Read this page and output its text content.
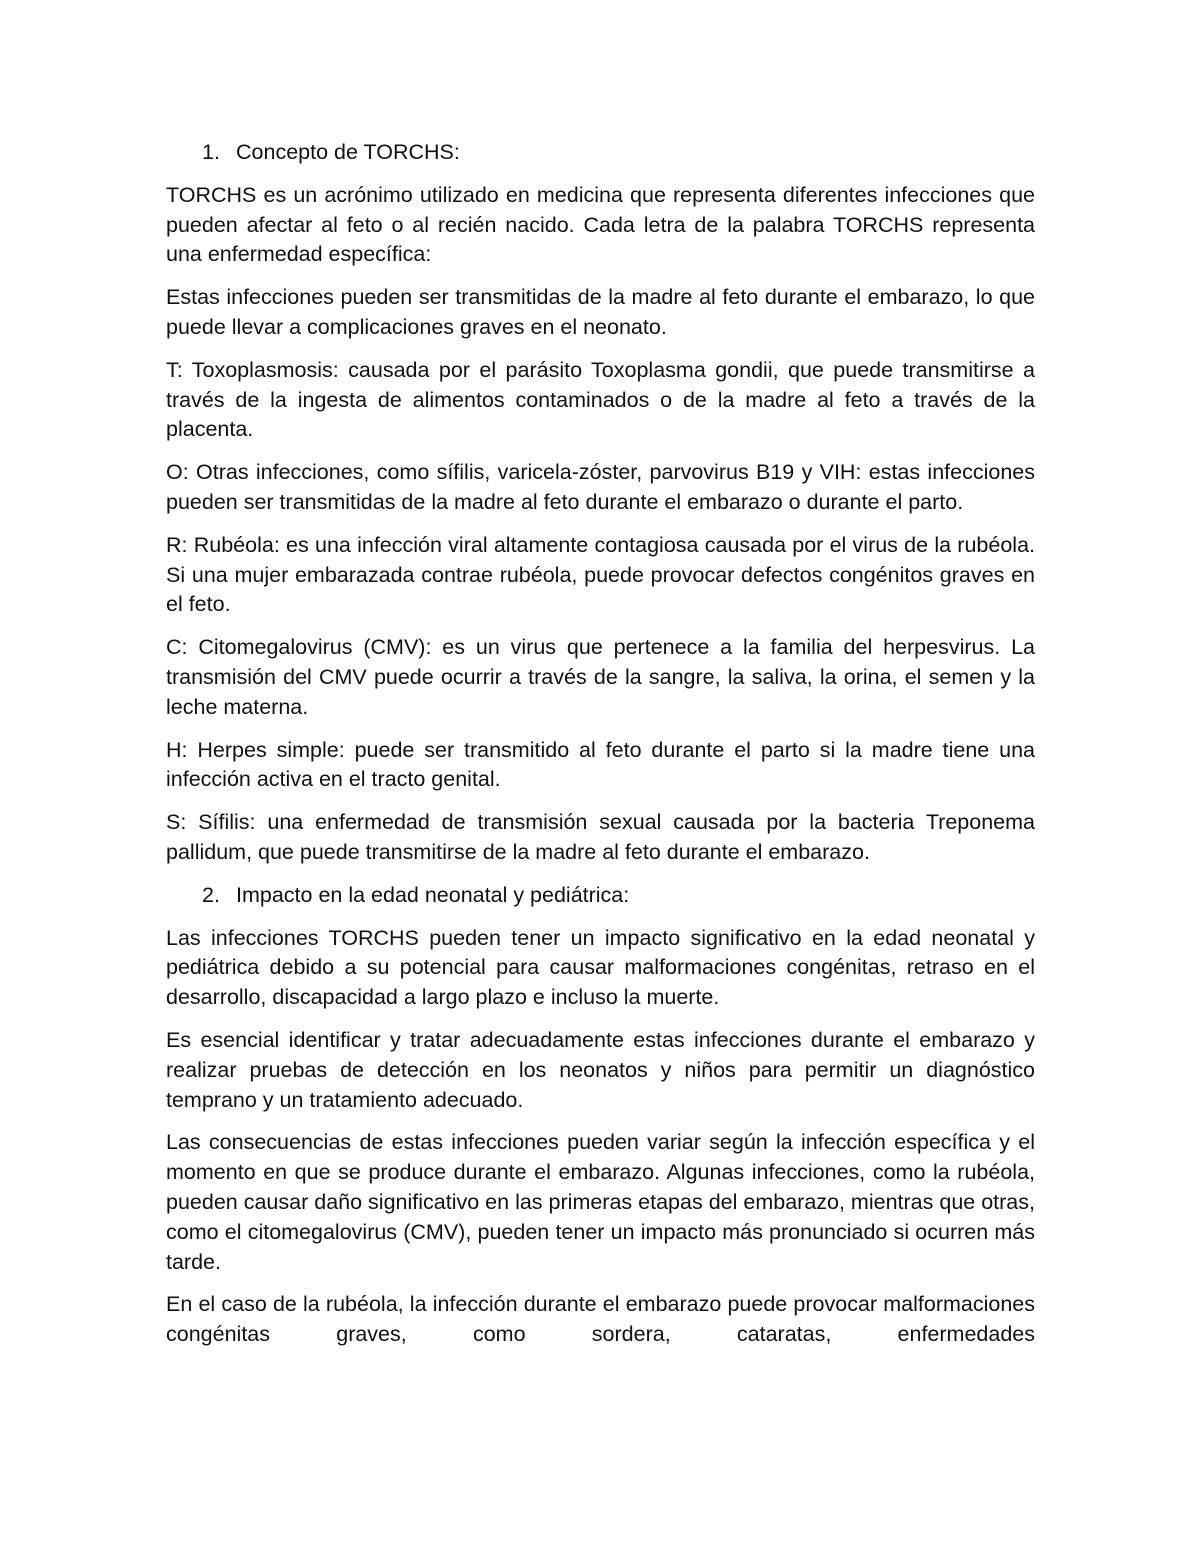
1. Concepto de TORCHS:

TORCHS es un acrónimo utilizado en medicina que representa diferentes infecciones que pueden afectar al feto o al recién nacido. Cada letra de la palabra TORCHS representa una enfermedad específica:

Estas infecciones pueden ser transmitidas de la madre al feto durante el embarazo, lo que puede llevar a complicaciones graves en el neonato.

T: Toxoplasmosis: causada por el parásito Toxoplasma gondii, que puede transmitirse a través de la ingesta de alimentos contaminados o de la madre al feto a través de la placenta.

O: Otras infecciones, como sífilis, varicela-zóster, parvovirus B19 y VIH: estas infecciones pueden ser transmitidas de la madre al feto durante el embarazo o durante el parto.

R: Rubéola: es una infección viral altamente contagiosa causada por el virus de la rubéola. Si una mujer embarazada contrae rubéola, puede provocar defectos congénitos graves en el feto.

C: Citomegalovirus (CMV): es un virus que pertenece a la familia del herpesvirus. La transmisión del CMV puede ocurrir a través de la sangre, la saliva, la orina, el semen y la leche materna.

H: Herpes simple: puede ser transmitido al feto durante el parto si la madre tiene una infección activa en el tracto genital.

S: Sífilis: una enfermedad de transmisión sexual causada por la bacteria Treponema pallidum, que puede transmitirse de la madre al feto durante el embarazo.

2. Impacto en la edad neonatal y pediátrica:

Las infecciones TORCHS pueden tener un impacto significativo en la edad neonatal y pediátrica debido a su potencial para causar malformaciones congénitas, retraso en el desarrollo, discapacidad a largo plazo e incluso la muerte.

Es esencial identificar y tratar adecuadamente estas infecciones durante el embarazo y realizar pruebas de detección en los neonatos y niños para permitir un diagnóstico temprano y un tratamiento adecuado.

Las consecuencias de estas infecciones pueden variar según la infección específica y el momento en que se produce durante el embarazo. Algunas infecciones, como la rubéola, pueden causar daño significativo en las primeras etapas del embarazo, mientras que otras, como el citomegalovirus (CMV), pueden tener un impacto más pronunciado si ocurren más tarde.

En el caso de la rubéola, la infección durante el embarazo puede provocar malformaciones congénitas graves, como sordera, cataratas, enfermedades
